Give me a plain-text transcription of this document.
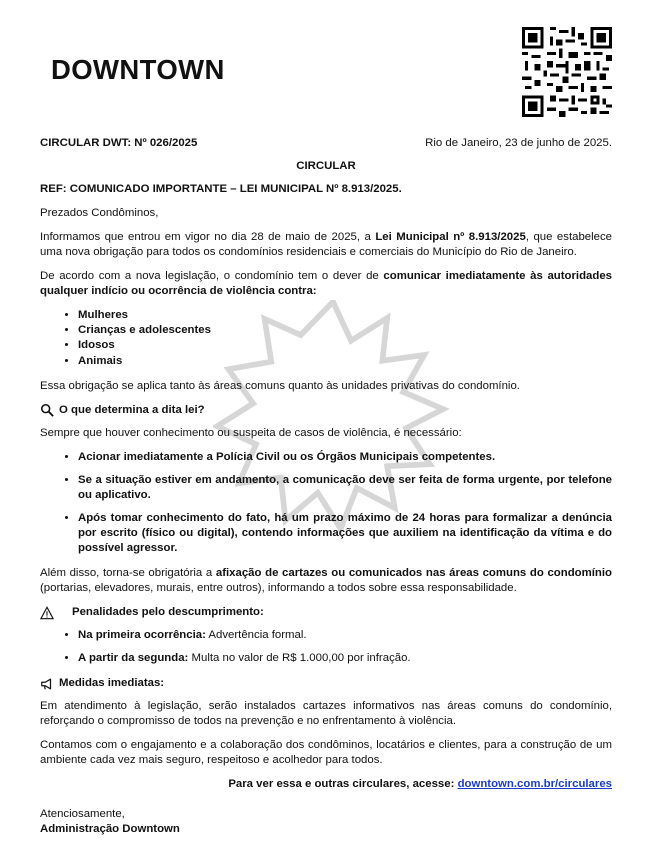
DOWNTOWN
CIRCULAR DWT: Nº 026/2025	Rio de Janeiro, 23 de junho de 2025.
CIRCULAR

REF: COMUNICADO IMPORTANTE – LEI MUNICIPAL Nº 8.913/2025.

Prezados Condôminos,

Informamos que entrou em vigor no dia 28 de maio de 2025, a Lei Municipal nº 8.913/2025, que estabelece uma nova obrigação para todos os condomínios residenciais e comerciais do Município do Rio de Janeiro.

De acordo com a nova legislação, o condomínio tem o dever de comunicar imediatamente às autoridades qualquer indício ou ocorrência de violência contra:

• Mulheres
• Crianças e adolescentes
• Idosos
• Animais

Essa obrigação se aplica tanto às áreas comuns quanto às unidades privativas do condomínio.

O que determina a dita lei?

Sempre que houver conhecimento ou suspeita de casos de violência, é necessário:

• Acionar imediatamente a Polícia Civil ou os Órgãos Municipais competentes.
• Se a situação estiver em andamento, a comunicação deve ser feita de forma urgente, por telefone ou aplicativo.
• Após tomar conhecimento do fato, há um prazo máximo de 24 horas para formalizar a denúncia por escrito (físico ou digital), contendo informações que auxiliem na identificação da vítima e do possível agressor.

Além disso, torna-se obrigatória a afixação de cartazes ou comunicados nas áreas comuns do condomínio (portarias, elevadores, murais, entre outros), informando a todos sobre essa responsabilidade.

Penalidades pelo descumprimento:
• Na primeira ocorrência: Advertência formal.
• A partir da segunda: Multa no valor de R$ 1.000,00 por infração.
Medidas imediatas:

Em atendimento à legislação, serão instalados cartazes informativos nas áreas comuns do condomínio, reforçando o compromisso de todos na prevenção e no enfrentamento à violência.

Contamos com o engajamento e a colaboração dos condôminos, locatários e clientes, para a construção de um ambiente cada vez mais seguro, respeitoso e acolhedor para todos.

Para ver essa e outras circulares, acesse: downtown.com.br/circulares
Atenciosamente,
Administração Downtown
